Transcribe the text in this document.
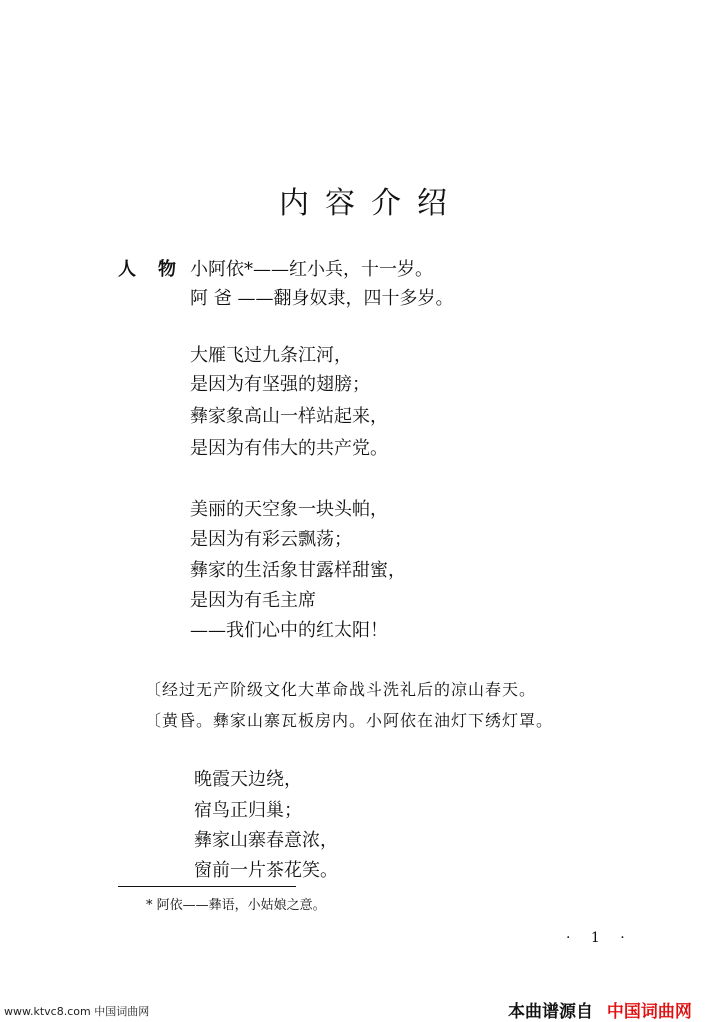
内容介绍
人物
小阿依*——红小兵，十一岁。
阿 爸 ——翻身奴隶，四十多岁。
大雁飞过九条江河，
是因为有坚强的翅膀；
彝家象高山一样站起来，
是因为有伟大的共产党。
美丽的天空象一块头帕，
是因为有彩云飘荡；
彝家的生活象甘露样甜蜜，
是因为有毛主席
——我们心中的红太阳！
〔经过无产阶级文化大革命战斗洗礼后的凉山春天。
〔黄昏。彝家山寨瓦板房内。小阿依在油灯下绣灯罩。
晚霞天边绕，
宿鸟正归巢；
彝家山寨春意浓，
窗前一片茶花笑。
* 阿依——彝语，小姑娘之意。
· 1 ·
www.ktvc8.com 中国词曲网	本曲谱源自 中国词曲网
